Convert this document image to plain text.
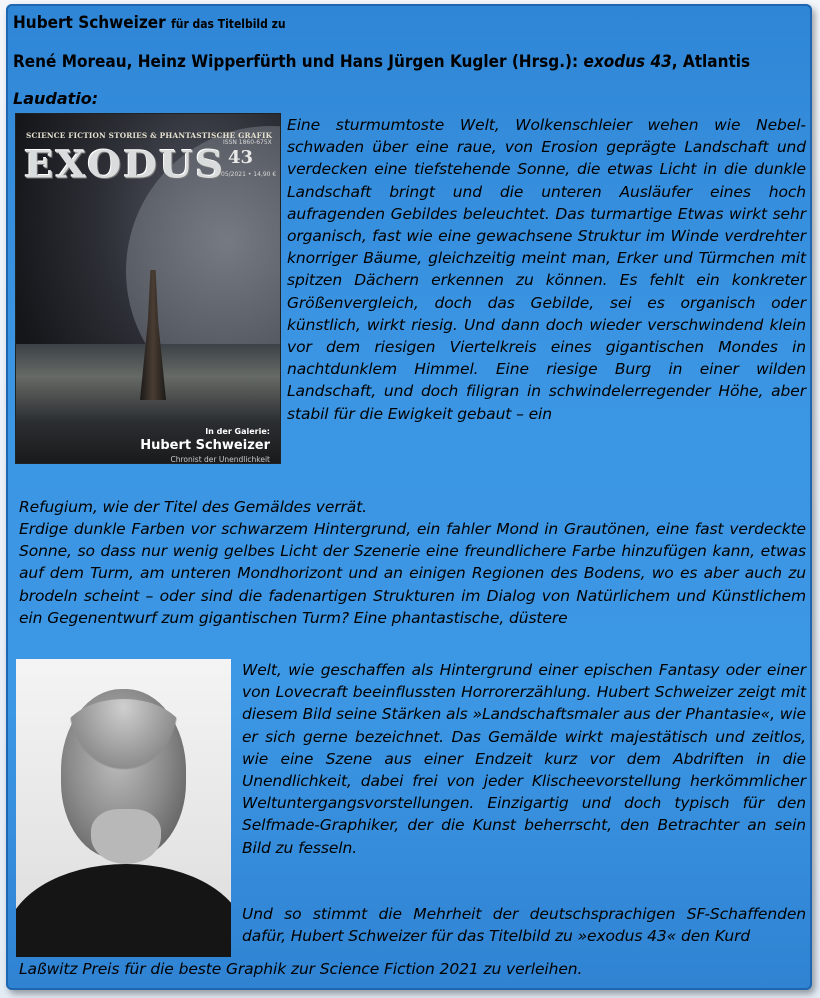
Hubert Schweizer für das Titelbild zu
René Moreau, Heinz Wipperfürth und Hans Jürgen Kugler (Hrsg.): exodus 43, Atlantis
Laudatio:
SCIENCE FICTION STORIES & PHANTASTISCHE GRAFIK
EXODUS
ISSN 1860-675X
43
05/2021 • 14,90 €
In der Galerie:
Hubert Schweizer
Chronist der Unendlichkeit
Eine sturmumtoste Welt, Wolkenschleier wehen wie Nebelschwaden über eine raue, von Erosion geprägte Landschaft und verdecken eine tiefstehende Sonne, die etwas Licht in die dunkle Landschaft bringt und die unteren Ausläufer eines hoch aufragenden Gebildes beleuchtet. Das turmartige Etwas wirkt sehr organisch, fast wie eine gewachsene Struktur im Winde verdrehter knorriger Bäume, gleichzeitig meint man, Erker und Türmchen mit spitzen Dächern erkennen zu können. Es fehlt ein konkreter Größenvergleich, doch das Gebilde, sei es organisch oder künstlich, wirkt riesig. Und dann doch wieder verschwindend klein vor dem riesigen Viertelkreis eines gigantischen Mondes in nachtdunklem Himmel. Eine riesige Burg in einer wilden Landschaft, und doch filigran in schwindelerregender Höhe, aber stabil für die Ewigkeit gebaut – ein
Refugium, wie der Titel des Gemäldes verrät.
Erdige dunkle Farben vor schwarzem Hintergrund, ein fahler Mond in Grautönen, eine fast verdeckte Sonne, so dass nur wenig gelbes Licht der Szenerie eine freundlichere Farbe hinzufügen kann, etwas auf dem Turm, am unteren Mondhorizont und an einigen Regionen des Bodens, wo es aber auch zu brodeln scheint – oder sind die fadenartigen Strukturen im Dialog von Natürlichem und Künstlichem ein Gegenentwurf zum gigantischen Turm? Eine phantastische, düstere
Welt, wie geschaffen als Hintergrund einer epischen Fantasy oder einer von Lovecraft beeinflussten Horrorerzählung. Hubert Schweizer zeigt mit diesem Bild seine Stärken als »Landschaftsmaler aus der Phantasie«, wie er sich gerne bezeichnet. Das Gemälde wirkt majestätisch und zeitlos, wie eine Szene aus einer Endzeit kurz vor dem Abdriften in die Unendlichkeit, dabei frei von jeder Klischeevorstellung herkömmlicher Weltuntergangsvorstellungen. Einzigartig und doch typisch für den Selfmade-Graphiker, der die Kunst beherrscht, den Betrachter an sein Bild zu fesseln.
Und so stimmt die Mehrheit der deutschsprachigen SF-Schaffenden dafür, Hubert Schweizer für das Titelbild zu »exodus 43« den Kurd
Laßwitz Preis für die beste Graphik zur Science Fiction 2021 zu verleihen.
